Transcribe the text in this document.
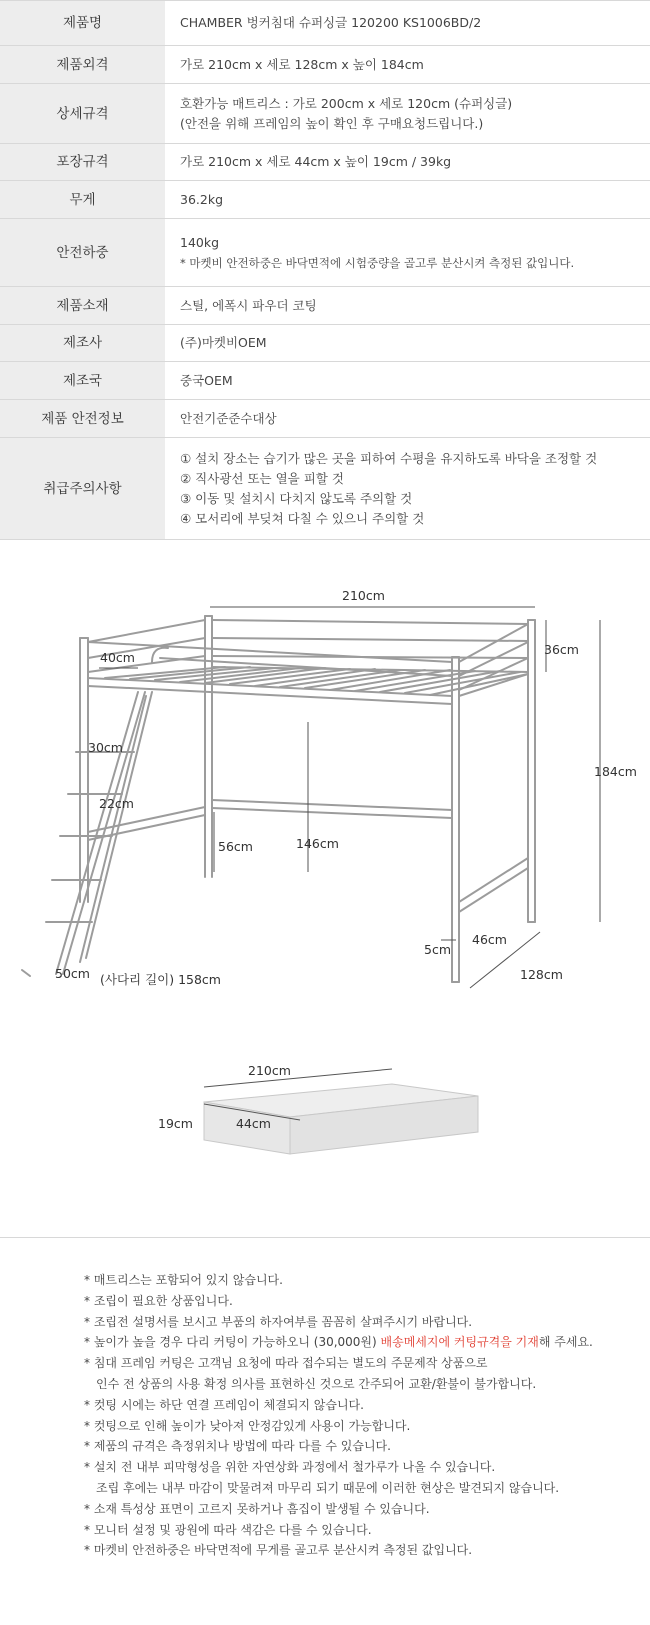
제품명	CHAMBER 벙커침대 슈퍼싱글 120200 KS1006BD/2

제품외격	가로 210cm x 세로 128cm x 높이 184cm

상세규격	호환가능 매트리스 : 가로 200cm x 세로 120cm (슈퍼싱글)
(안전을 위해 프레임의 높이 확인 후 구매요청드립니다.)

포장규격	가로 210cm x 세로 44cm x 높이 19cm / 39kg

무게	36.2kg

안전하중	140kg
* 마켓비 안전하중은 바닥면적에 시험중량을 골고루 분산시켜 측정된 값입니다.

제품소재	스틸, 에폭시 파우더 코팅

제조사	(주)마켓비OEM

제조국	중국OEM

제품 안전정보	안전기준준수대상

취급주의사항	① 설치 장소는 습기가 많은 곳을 피하여 수평을 유지하도록 바닥을 조정할 것
② 직사광선 또는 열을 피할 것
③ 이동 및 설치시 다치지 않도록 주의할 것
④ 모서리에 부딪쳐 다칠 수 있으니 주의할 것
210cm
36cm
184cm
40cm
30cm
22cm
56cm	146cm
5cm
46cm
128cm
50cm (사다리 길이) 158cm
210cm
19cm	44cm
* 매트리스는 포함되어 있지 않습니다.
* 조립이 필요한 상품입니다.
* 조립전 설명서를 보시고 부품의 하자여부를 꼼꼼히 살펴주시기 바랍니다.
* 높이가 높을 경우 다리 커팅이 가능하오니 (30,000원) 배송메세지에 커팅규격을 기재해 주세요.
* 침대 프레임 커팅은 고객님 요청에 따라 접수되는 별도의 주문제작 상품으로
인수 전 상품의 사용 확정 의사를 표현하신 것으로 간주되어 교환/환불이 불가합니다.
* 컷팅 시에는 하단 연결 프레임이 체결되지 않습니다.
* 컷팅으로 인해 높이가 낮아져 안정감있게 사용이 가능합니다.
* 제품의 규격은 측정위치나 방법에 따라 다를 수 있습니다.
* 설치 전 내부 피막형성을 위한 자연상화 과정에서 철가루가 나올 수 있습니다.
조립 후에는 내부 마감이 맞물려져 마무리 되기 때문에 이러한 현상은 발견되지 않습니다.
* 소재 특성상 표면이 고르지 못하거나 흠집이 발생될 수 있습니다.
* 모니터 설정 및 광원에 따라 색감은 다를 수 있습니다.
* 마켓비 안전하중은 바닥면적에 무게를 골고루 분산시켜 측정된 값입니다.
